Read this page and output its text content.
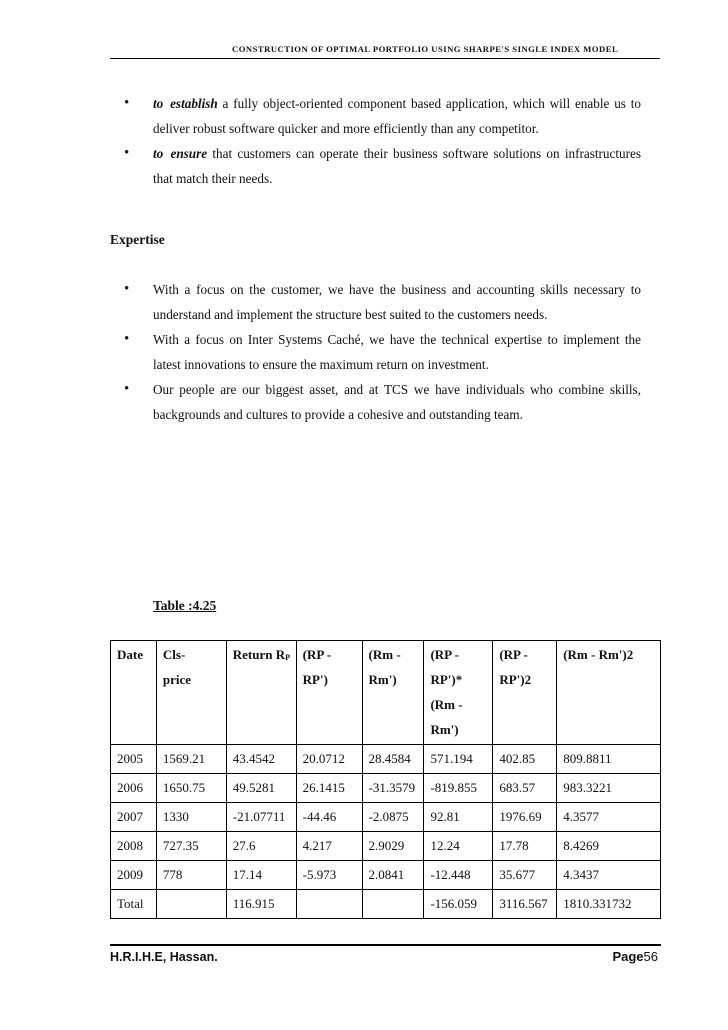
CONSTRUCTION OF OPTIMAL PORTFOLIO USING SHARPE'S SINGLE INDEX MODEL
• to establish a fully object-oriented component based application, which will enable us to deliver robust software quicker and more efficiently than any competitor.
• to ensure that customers can operate their business software solutions on infrastructures that match their needs.
Expertise
• With a focus on the customer, we have the business and accounting skills necessary to understand and implement the structure best suited to the customers needs.
• With a focus on Inter Systems Caché, we have the technical expertise to implement the latest innovations to ensure the maximum return on investment.
• Our people are our biggest asset, and at TCS we have individuals who combine skills, backgrounds and cultures to provide a cohesive and outstanding team.
Table :4.25
Date	Cls-price	Return $R_P$	(RP - RP')	(Rm - Rm')	(RP - RP')* (Rm - Rm')	(RP - RP')2	(Rm - Rm')2
2005	1569.21	43.4542	20.0712	28.4584	571.194	402.85	809.8811
2006	1650.75	49.5281	26.1415	-31.3579	-819.855	683.57	983.3221
2007	1330	-21.07711	-44.46	-2.0875	92.81	1976.69	4.3577
2008	727.35	27.6	4.217	2.9029	12.24	17.78	8.4269
2009	778	17.14	-5.973	2.0841	-12.448	35.677	4.3437
Total		116.915			-156.059	3116.567	1810.331732
H.R.I.H.E, Hassan.	Page56
